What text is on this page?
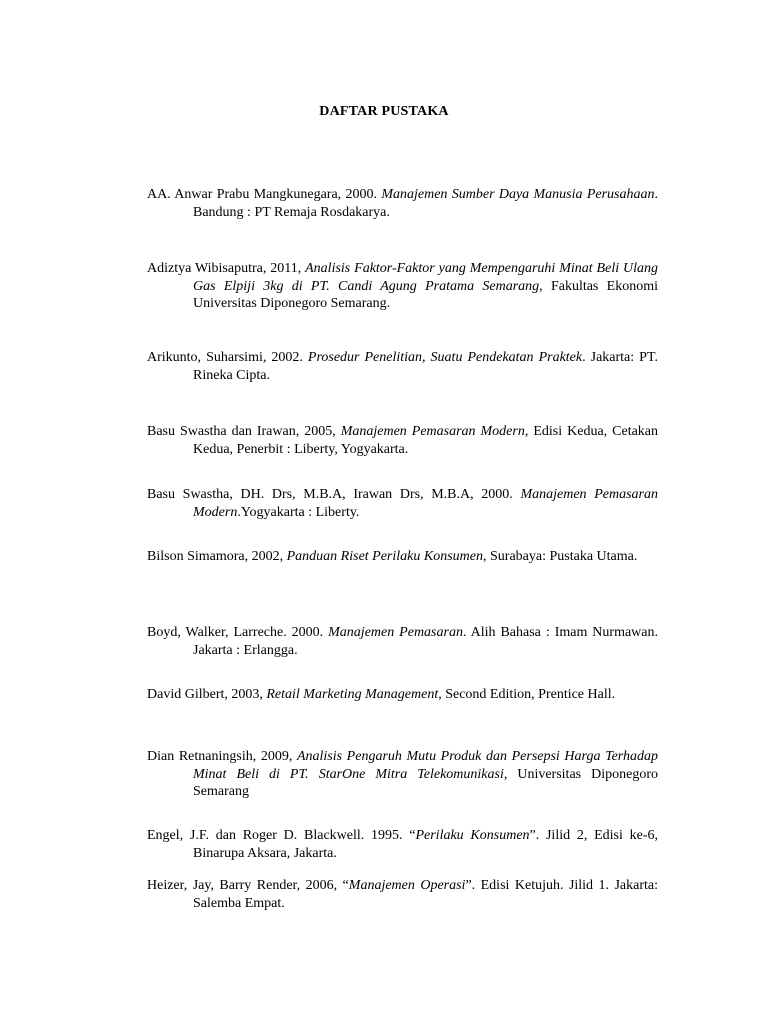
DAFTAR PUSTAKA

AA. Anwar Prabu Mangkunegara, 2000. Manajemen Sumber Daya Manusia Perusahaan. Bandung : PT Remaja Rosdakarya.

Adiztya Wibisaputra, 2011, Analisis Faktor-Faktor yang Mempengaruhi Minat Beli Ulang Gas Elpiji 3kg di PT. Candi Agung Pratama Semarang, Fakultas Ekonomi Universitas Diponegoro Semarang.

Arikunto, Suharsimi, 2002. Prosedur Penelitian, Suatu Pendekatan Praktek. Jakarta: PT. Rineka Cipta.

Basu Swastha dan Irawan, 2005, Manajemen Pemasaran Modern, Edisi Kedua, Cetakan Kedua, Penerbit : Liberty, Yogyakarta.

Basu Swastha, DH. Drs, M.B.A, Irawan Drs, M.B.A, 2000. Manajemen Pemasaran Modern.Yogyakarta : Liberty.

Bilson Simamora, 2002, Panduan Riset Perilaku Konsumen, Surabaya: Pustaka Utama.

Boyd, Walker, Larreche. 2000. Manajemen Pemasaran. Alih Bahasa : Imam Nurmawan. Jakarta : Erlangga.

David Gilbert, 2003, Retail Marketing Management, Second Edition, Prentice Hall.

Dian Retnaningsih, 2009, Analisis Pengaruh Mutu Produk dan Persepsi Harga Terhadap Minat Beli di PT. StarOne Mitra Telekomunikasi, Universitas Diponegoro Semarang

Engel, J.F. dan Roger D. Blackwell. 1995. “Perilaku Konsumen”. Jilid 2, Edisi ke-6, Binarupa Aksara, Jakarta.

Heizer, Jay, Barry Render, 2006, “Manajemen Operasi”. Edisi Ketujuh. Jilid 1. Jakarta: Salemba Empat.
